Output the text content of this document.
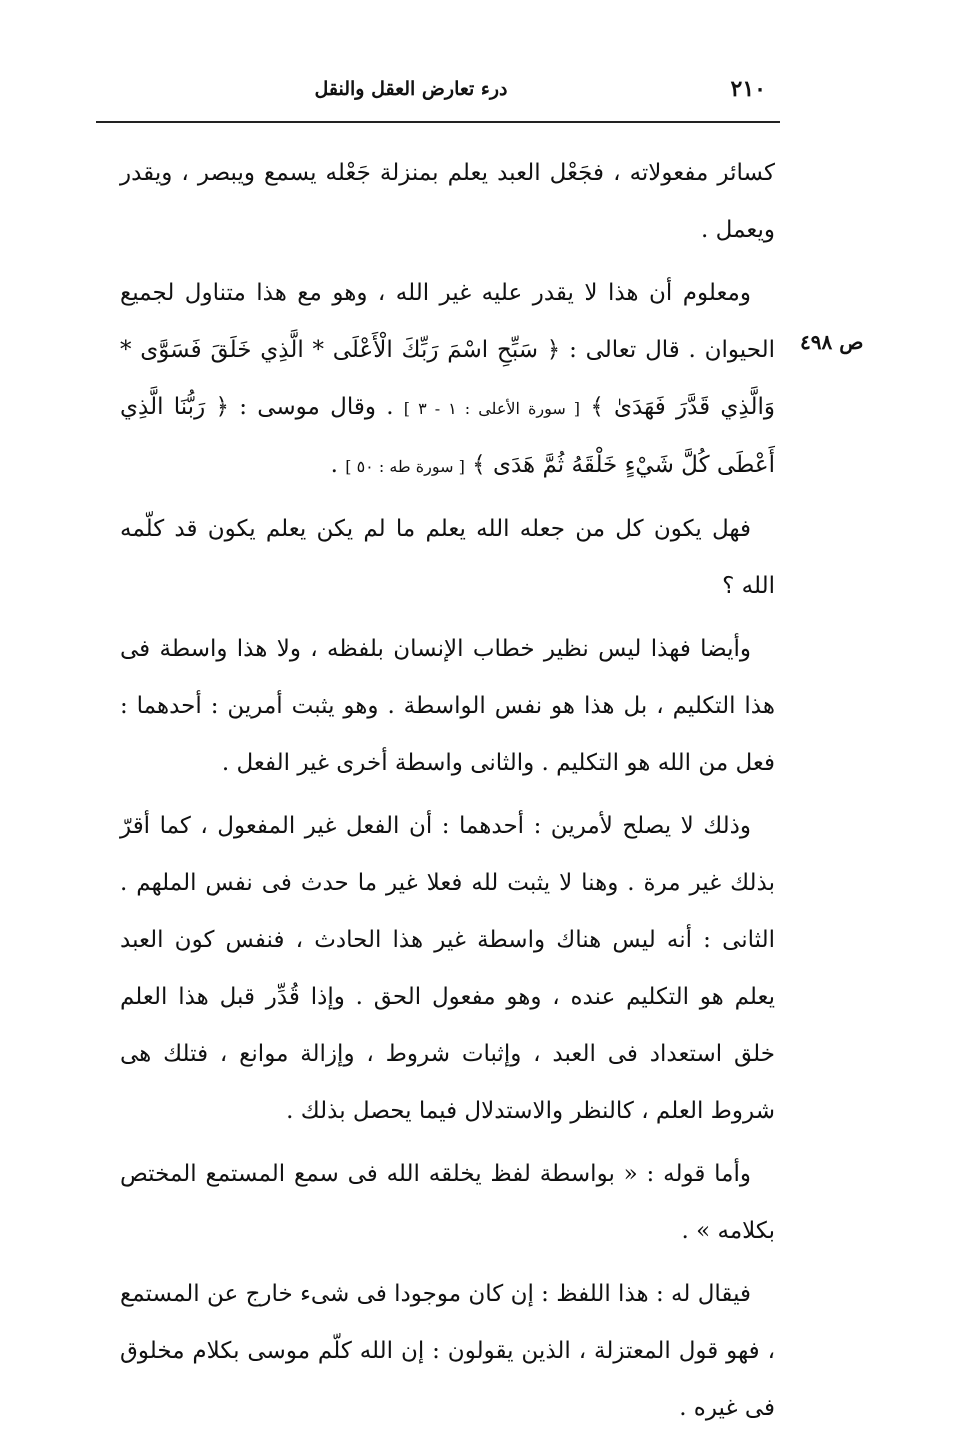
٢١٠
درء تعارض العقل والنقل
ص ٤٩٨

كسائر مفعولاته ، فجَعْل العبد يعلم بمنزلة جَعْله يسمع ويبصر ، ويقدر ويعمل .

ومعلوم أن هذا لا يقدر عليه غير الله ، وهو مع هذا متناول لجميع الحيوان . قال تعالى : ﴿ سَبِّحِ اسْمَ رَبِّكَ الْأَعْلَى * الَّذِي خَلَقَ فَسَوَّى * وَالَّذِي قَدَّرَ فَهَدَىٰ ﴾ [ سورة الأعلى : ١ - ٣ ] . وقال موسى : ﴿ رَبُّنَا الَّذِي أَعْطَى كُلَّ شَيْءٍ خَلْقَهُ ثُمَّ هَدَى ﴾ [ سورة طه : ٥٠ ] .

فهل يكون كل من جعله الله يعلم ما لم يكن يعلم يكون قد كلّمه الله ؟

وأيضا فهذا ليس نظير خطاب الإنسان بلفظه ، ولا هذا واسطة فى هذا التكليم ، بل هذا هو نفس الواسطة . وهو يثبت أمرين : أحدهما : فعل من الله هو التكليم . والثانى واسطة أخرى غير الفعل .

وذلك لا يصلح لأمرين : أحدهما : أن الفعل غير المفعول ، كما أقرّ بذلك غير مرة . وهنا لا يثبت لله فعلا غير ما حدث فى نفس الملهم . الثانى : أنه ليس هناك واسطة غير هذا الحادث ، فنفس كون العبد يعلم هو التكليم عنده ، وهو مفعول الحق . وإذا قُدِّر قبل هذا العلم خلق استعداد فى العبد ، وإثبات شروط ، وإزالة موانع ، فتلك هى شروط العلم ، كالنظر والاستدلال فيما يحصل بذلك .

وأما قوله : « بواسطة لفظ يخلقه الله فى سمع المستمع المختص بكلامه » .

فيقال له : هذا اللفظ : إن كان موجودا فى شىء خارج عن المستمع ، فهو قول المعتزلة ، الذين يقولون : إن الله كلّم موسى بكلام مخلوق فى غيره .
